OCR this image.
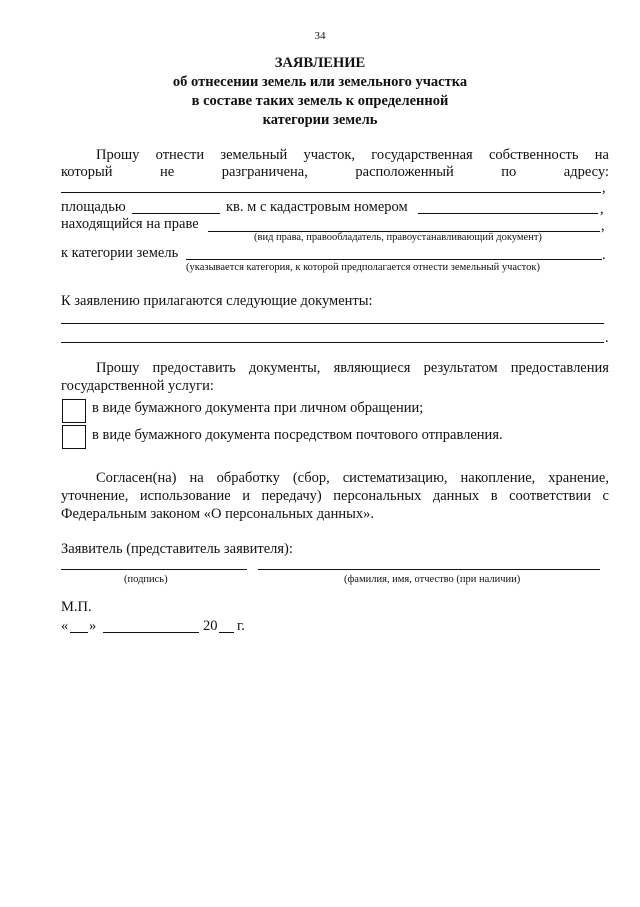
34
ЗАЯВЛЕНИЕ
об отнесении земель или земельного участка
в составе таких земель к определенной
категории земель
Прошу отнести земельный участок, государственная собственность на
который	не	разграничена,	расположенный	по	адресу:
,
площадью	кв. м с кадастровым номером	,
находящийся на праве	,
(вид права, правообладатель, правоустанавливающий документ)
к категории земель	.
(указывается категория, к которой предполагается отнести земельный участок)
К заявлению прилагаются следующие документы:
.
Прошу предоставить документы, являющиеся результатом предоставления
государственной услуги:
в виде бумажного документа при личном обращении;
в виде бумажного документа посредством почтового отправления.
Согласен(на) на обработку (сбор, систематизацию, накопление, хранение,
уточнение, использование и передачу) персональных данных в соответствии с
Федеральным законом «О персональных данных».
Заявитель (представитель заявителя):
(подпись)	(фамилия, имя, отчество (при наличии)
М.П.
« »	20 г.
